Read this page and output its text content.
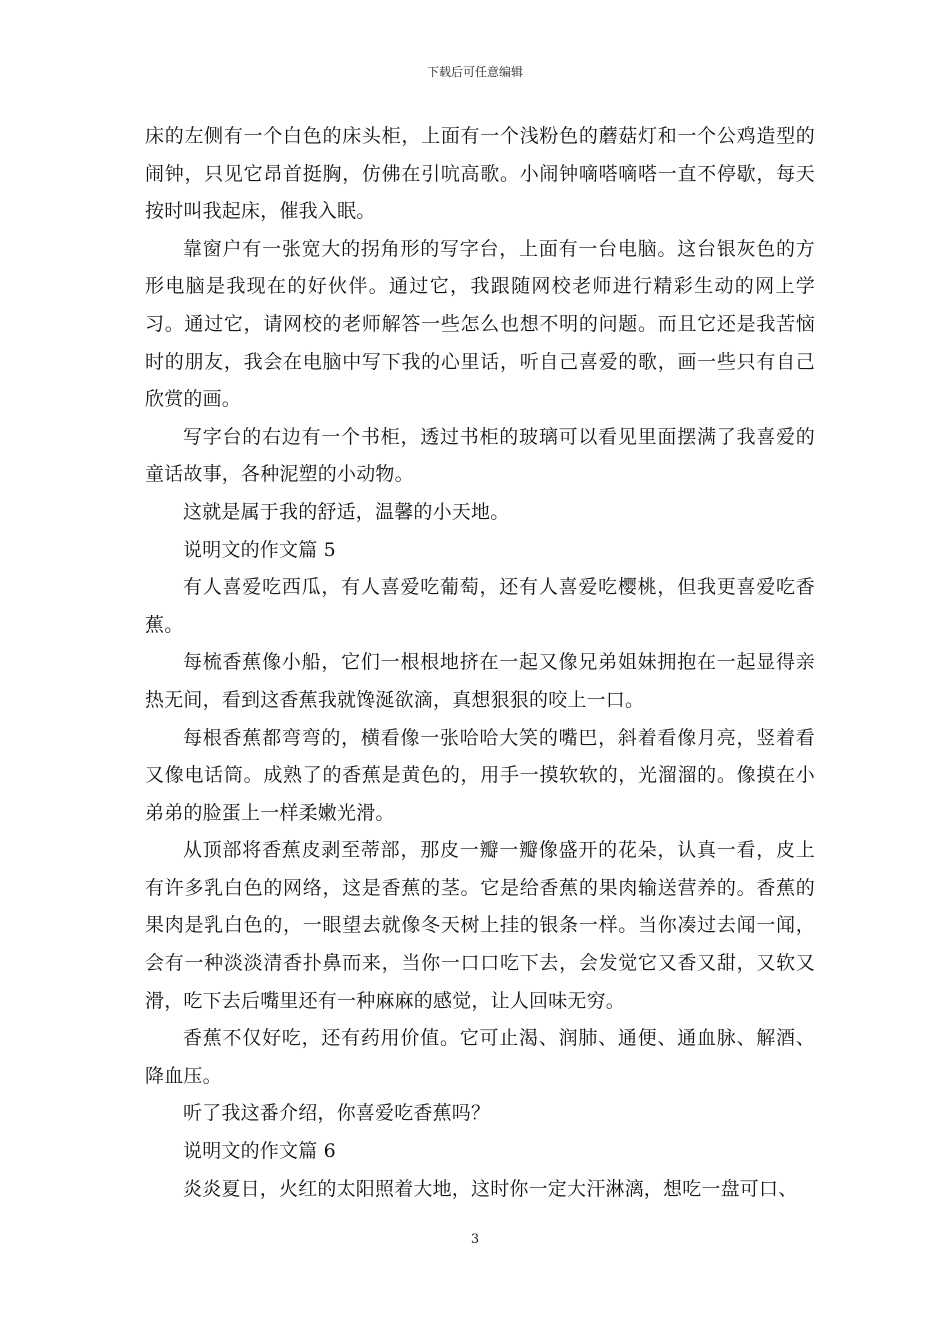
下载后可任意编辑

床的左侧有一个白色的床头柜，上面有一个浅粉色的蘑菇灯和一个公鸡造型的闹钟，只见它昂首挺胸，仿佛在引吭高歌。小闹钟嘀嗒嘀嗒一直不停歇，每天按时叫我起床，催我入眠。

靠窗户有一张宽大的拐角形的写字台，上面有一台电脑。这台银灰色的方形电脑是我现在的好伙伴。通过它，我跟随网校老师进行精彩生动的网上学习。通过它，请网校的老师解答一些怎么也想不明的问题。而且它还是我苦恼时的朋友，我会在电脑中写下我的心里话，听自己喜爱的歌，画一些只有自己欣赏的画。

写字台的右边有一个书柜，透过书柜的玻璃可以看见里面摆满了我喜爱的童话故事，各种泥塑的小动物。

这就是属于我的舒适，温馨的小天地。

说明文的作文篇 5

有人喜爱吃西瓜，有人喜爱吃葡萄，还有人喜爱吃樱桃，但我更喜爱吃香蕉。

每梳香蕉像小船，它们一根根地挤在一起又像兄弟姐妹拥抱在一起显得亲热无间，看到这香蕉我就馋涎欲滴，真想狠狠的咬上一口。

每根香蕉都弯弯的，横看像一张哈哈大笑的嘴巴，斜着看像月亮，竖着看又像电话筒。成熟了的香蕉是黄色的，用手一摸软软的，光溜溜的。像摸在小弟弟的脸蛋上一样柔嫩光滑。

从顶部将香蕉皮剥至蒂部，那皮一瓣一瓣像盛开的花朵，认真一看，皮上有许多乳白色的网络，这是香蕉的茎。它是给香蕉的果肉输送营养的。香蕉的果肉是乳白色的，一眼望去就像冬天树上挂的银条一样。当你凑过去闻一闻，会有一种淡淡清香扑鼻而来，当你一口口吃下去，会发觉它又香又甜，又软又滑，吃下去后嘴里还有一种麻麻的感觉，让人回味无穷。

香蕉不仅好吃，还有药用价值。它可止渴、润肺、通便、通血脉、解酒、降血压。

听了我这番介绍，你喜爱吃香蕉吗？

说明文的作文篇 6

炎炎夏日，火红的太阳照着大地，这时你一定大汗淋漓，想吃一盘可口、

3
